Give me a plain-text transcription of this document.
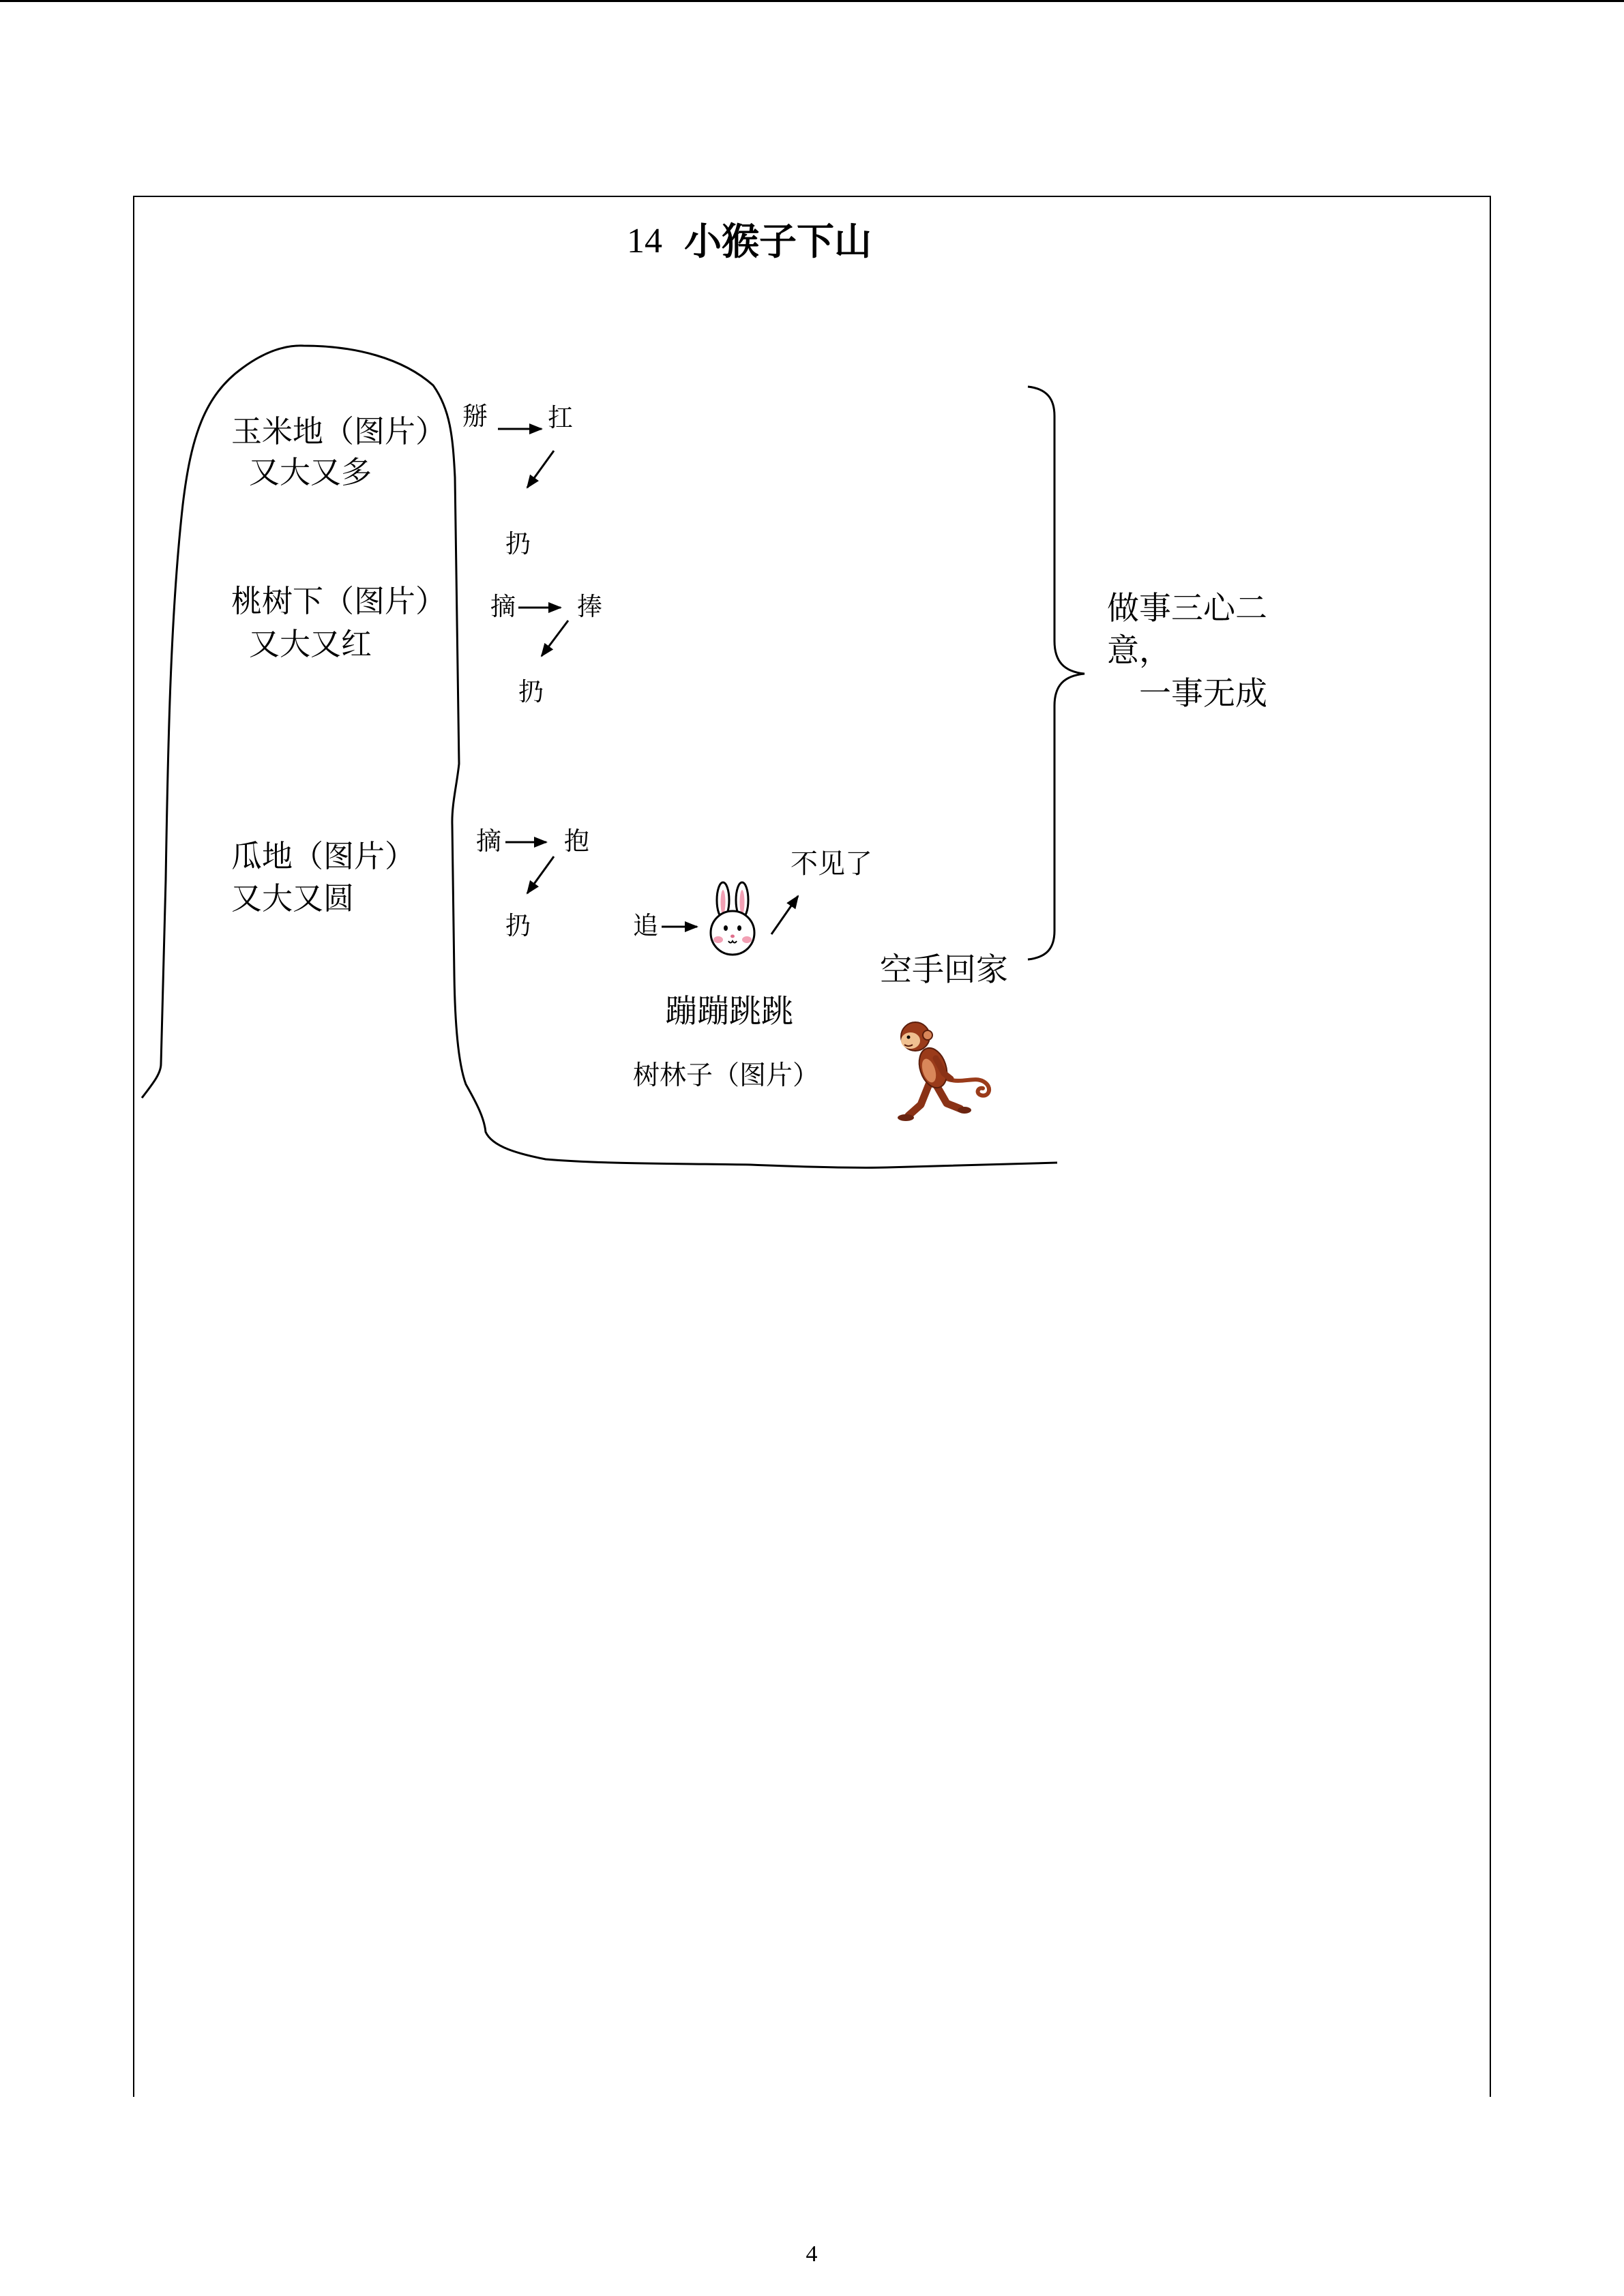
14 小猴子下山
玉米地（图片）
又大又多
掰 扛
扔
桃树下（图片）
又大又红
摘 捧
扔
瓜地（图片）
又大又圆
摘 抱
扔	追
不见了
蹦蹦跳跳
树林子（图片）
空手回家
做事三心二
意，
一事无成
4
